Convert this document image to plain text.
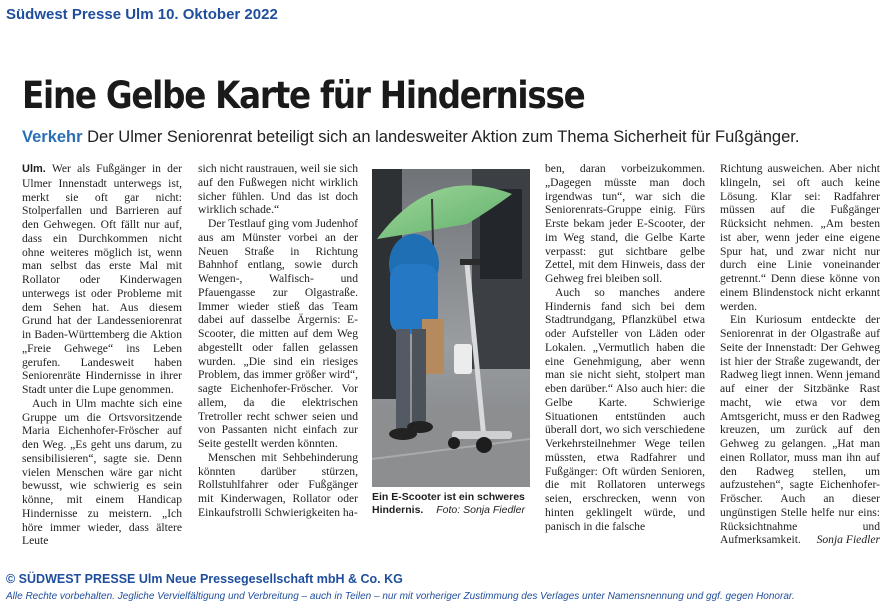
Südwest Presse Ulm 10. Oktober 2022
Eine Gelbe Karte für Hindernisse
Verkehr Der Ulmer Seniorenrat beteiligt sich an landesweiter Aktion zum Thema Sicherheit für Fußgänger.

Ulm. Wer als Fußgänger in der Ulmer Innenstadt unterwegs ist, merkt sie oft gar nicht: Stolperfallen und Barrieren auf den Gehwegen. Oft fällt nur auf, dass ein Durchkommen nicht ohne weiteres möglich ist, wenn man selbst das erste Mal mit Rollator oder Kinderwagen unterwegs ist oder Probleme mit dem Sehen hat. Aus diesem Grund hat der Landesseniorenrat in Baden-Württemberg die Aktion „Freie Gehwege“ ins Leben gerufen. Landesweit haben Seniorenräte Hindernisse in ihrer Stadt unter die Lupe genommen.

Auch in Ulm machte sich eine Gruppe um die Ortsvorsitzende Maria Eichenhofer-Fröscher auf den Weg. „Es geht uns darum, zu sensibilisieren“, sagte sie. Denn vielen Menschen wäre gar nicht bewusst, wie schwierig es sein könne, mit einem Handicap Hindernisse zu meistern. „Ich höre immer wieder, dass ältere Leute

sich nicht raustrauen, weil sie sich auf den Fußwegen nicht wirklich sicher fühlen. Und das ist doch wirklich schade.“

Der Testlauf ging vom Judenhof aus am Münster vorbei an der Neuen Straße in Richtung Bahnhof entlang, sowie durch Wengen-, Walfisch- und Pfauengasse zur Olgastraße. Immer wieder stieß das Team dabei auf dasselbe Ärgernis: E-Scooter, die mitten auf dem Weg abgestellt oder fallen gelassen wurden. „Die sind ein riesiges Problem, das immer größer wird“, sagte Eichenhofer-Fröscher. Vor allem, da die elektrischen Tretroller recht schwer seien und von Passanten nicht einfach zur Seite gestellt werden könnten.

Menschen mit Sehbehinderung könnten darüber stürzen, Rollstuhlfahrer oder Fußgänger mit Kinderwagen, Rollator oder Einkaufstrolli Schwierigkeiten ha-

Ein E-Scooter ist ein schweres Hindernis. Foto: Sonja Fiedler

ben, daran vorbeizukommen. „Dagegen müsste man doch irgendwas tun“, war sich die Seniorenrats-Gruppe einig. Fürs Erste bekam jeder E-Scooter, der im Weg stand, die Gelbe Karte verpasst: gut sichtbare gelbe Zettel, mit dem Hinweis, dass der Gehweg frei bleiben soll.

Auch so manches andere Hindernis fand sich bei dem Stadtrundgang, Pflanzkübel etwa oder Aufsteller von Läden oder Lokalen. „Vermutlich haben die eine Genehmigung, aber wenn man sie nicht sieht, stolpert man eben darüber.“ Also auch hier: die Gelbe Karte. Schwierige Situationen entstünden auch überall dort, wo sich verschiedene Verkehrsteilnehmer Wege teilen müssten, etwa Radfahrer und Fußgänger: Oft würden Senioren, die mit Rollatoren unterwegs seien, erschrecken, wenn von hinten geklingelt würde, und panisch in die falsche

Richtung ausweichen. Aber nicht klingeln, sei oft auch keine Lösung. Klar sei: Radfahrer müssen auf die Fußgänger Rücksicht nehmen. „Am besten ist aber, wenn jeder eine eigene Spur hat, und zwar nicht nur durch eine Linie voneinander getrennt.“ Denn diese könne von einem Blindenstock nicht erkannt werden.

Ein Kuriosum entdeckte der Seniorenrat in der Olgastraße auf Seite der Innenstadt: Der Gehweg ist hier der Straße zugewandt, der Radweg liegt innen. Wenn jemand auf einer der Sitzbänke Rast macht, wie etwa vor dem Amtsgericht, muss er den Radweg kreuzen, um zurück auf den Gehweg zu gelangen. „Hat man einen Rollator, muss man ihn auf den Radweg stellen, um aufzustehen“, sagte Eichenhofer-Fröscher. Auch an dieser ungünstigen Stelle helfe nur eins: Rücksichtnahme und Aufmerksamkeit.	Sonja Fiedler

© SÜDWEST PRESSE Ulm Neue Pressegesellschaft mbH & Co. KG
Alle Rechte vorbehalten. Jegliche Vervielfältigung und Verbreitung – auch in Teilen – nur mit vorheriger Zustimmung des Verlages unter Namensnennung und ggf. gegen Honorar.
